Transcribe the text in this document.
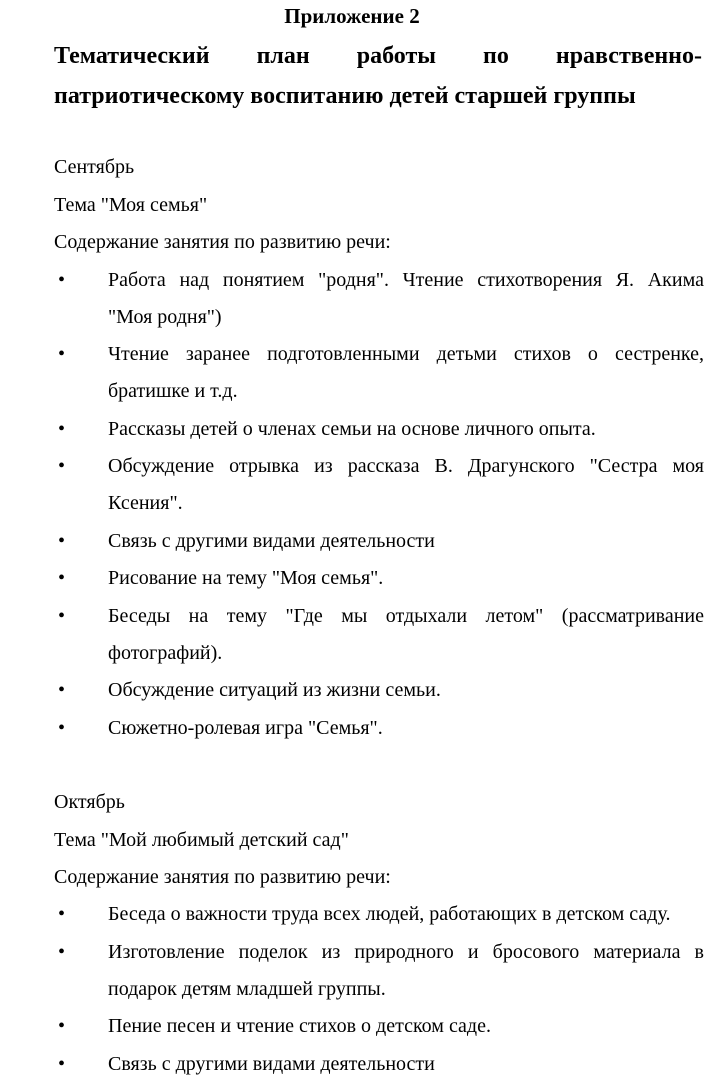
Приложение 2
Тематический план работы по нравственно-
патриотическому воспитанию детей старшей группы
Сентябрь
Тема "Моя семья"
Содержание занятия по развитию речи:
• Работа над понятием "родня". Чтение стихотворения Я. Акима
"Моя родня")
• Чтение заранее подготовленными детьми стихов о сестренке,
братишке и т.д.
• Рассказы детей о членах семьи на основе личного опыта.
• Обсуждение отрывка из рассказа В. Драгунского "Сестра моя
Ксения".
• Связь с другими видами деятельности
• Рисование на тему "Моя семья".
• Беседы на тему "Где мы отдыхали летом" (рассматривание
фотографий).
• Обсуждение ситуаций из жизни семьи.
• Сюжетно-ролевая игра "Семья".
Октябрь
Тема "Мой любимый детский сад"
Содержание занятия по развитию речи:
• Беседа о важности труда всех людей, работающих в детском саду.
• Изготовление поделок из природного и бросового материала в
подарок детям младшей группы.
• Пение песен и чтение стихов о детском саде.
• Связь с другими видами деятельности
